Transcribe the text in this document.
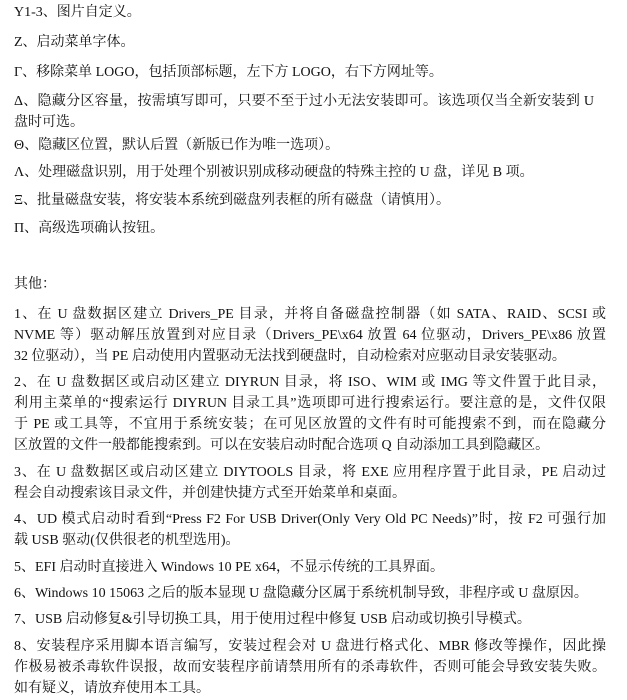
Y1-3、图片自定义。
Z、启动菜单字体。
Γ、移除菜单 LOGO，包括顶部标题，左下方 LOGO，右下方网址等。
Δ、隐藏分区容量，按需填写即可，只要不至于过小无法安装即可。该选项仅当全新安装到 U
盘时可选。
Θ、隐藏区位置，默认后置（新版已作为唯一选项）。
Λ、处理磁盘识别，用于处理个别被识别成移动硬盘的特殊主控的 U 盘，详见 B 项。
Ξ、批量磁盘安装，将安装本系统到磁盘列表框的所有磁盘（请慎用）。
Π、高级选项确认按钮。
其他：
1、在 U 盘数据区建立 Drivers_PE 目录，并将自备磁盘控制器（如 SATA、RAID、SCSI 或
NVME 等）驱动解压放置到对应目录（Drivers_PE\x64 放置 64 位驱动，Drivers_PE\x86 放置
32 位驱动），当 PE 启动使用内置驱动无法找到硬盘时，自动检索对应驱动目录安装驱动。
2、在 U 盘数据区或启动区建立 DIYRUN 目录，将 ISO、WIM 或 IMG 等文件置于此目录，
利用主菜单的“搜索运行 DIYRUN 目录工具”选项即可进行搜索运行。要注意的是，文件仅限
于 PE 或工具等，不宜用于系统安装；在可见区放置的文件有时可能搜索不到，而在隐藏分
区放置的文件一般都能搜索到。可以在安装启动时配合选项 Q 自动添加工具到隐藏区。
3、在 U 盘数据区或启动区建立 DIYTOOLS 目录，将 EXE 应用程序置于此目录，PE 启动过
程会自动搜索该目录文件，并创建快捷方式至开始菜单和桌面。
4、UD 模式启动时看到“Press F2 For USB Driver(Only Very Old PC Needs)”时，按 F2 可强行加
载 USB 驱动(仅供很老的机型选用)。
5、EFI 启动时直接进入 Windows 10 PE x64，不显示传统的工具界面。
6、Windows 10 15063 之后的版本显现 U 盘隐藏分区属于系统机制导致，非程序或 U 盘原因。
7、USB 启动修复&引导切换工具，用于使用过程中修复 USB 启动或切换引导模式。
8、安装程序采用脚本语言编写，安装过程会对 U 盘进行格式化、MBR 修改等操作，因此操
作极易被杀毒软件误报，故而安装程序前请禁用所有的杀毒软件，否则可能会导致安装失败。
如有疑义，请放弃使用本工具。
